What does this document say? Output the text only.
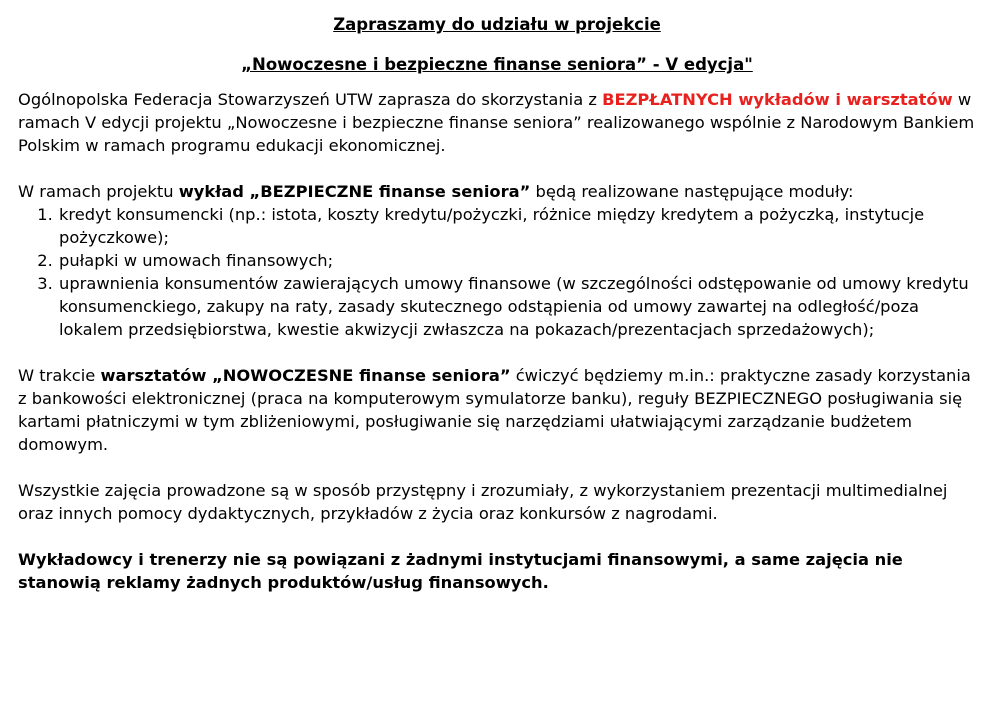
Zapraszamy do udziału w projekcie
„Nowoczesne i bezpieczne finanse seniora” - V edycja"

Ogólnopolska Federacja Stowarzyszeń UTW zaprasza do skorzystania z BEZPŁATNYCH wykładów i warsztatów w ramach V edycji projektu „Nowoczesne i bezpieczne finanse seniora” realizowanego wspólnie z Narodowym Bankiem Polskim w ramach programu edukacji ekonomicznej.

W ramach projektu wykład „BEZPIECZNE finanse seniora” będą realizowane następujące moduły:

1. kredyt konsumencki (np.: istota, koszty kredytu/pożyczki, różnice między kredytem a pożyczką, instytucje pożyczkowe);
2. pułapki w umowach finansowych;
3. uprawnienia konsumentów zawierających umowy finansowe (w szczególności odstępowanie od umowy kredytu konsumenckiego, zakupy na raty, zasady skutecznego odstąpienia od umowy zawartej na odległość/poza lokalem przedsiębiorstwa, kwestie akwizycji zwłaszcza na pokazach/prezentacjach sprzedażowych);

W trakcie warsztatów „NOWOCZESNE finanse seniora” ćwiczyć będziemy m.in.: praktyczne zasady korzystania z bankowości elektronicznej (praca na komputerowym symulatorze banku), reguły BEZPIECZNEGO posługiwania się kartami płatniczymi w tym zbliżeniowymi, posługiwanie się narzędziami ułatwiającymi zarządzanie budżetem domowym.

Wszystkie zajęcia prowadzone są w sposób przystępny i zrozumiały, z wykorzystaniem prezentacji multimedialnej oraz innych pomocy dydaktycznych, przykładów z życia oraz konkursów z nagrodami.

Wykładowcy i trenerzy nie są powiązani z żadnymi instytucjami finansowymi, a same zajęcia nie stanowią reklamy żadnych produktów/usług finansowych.
